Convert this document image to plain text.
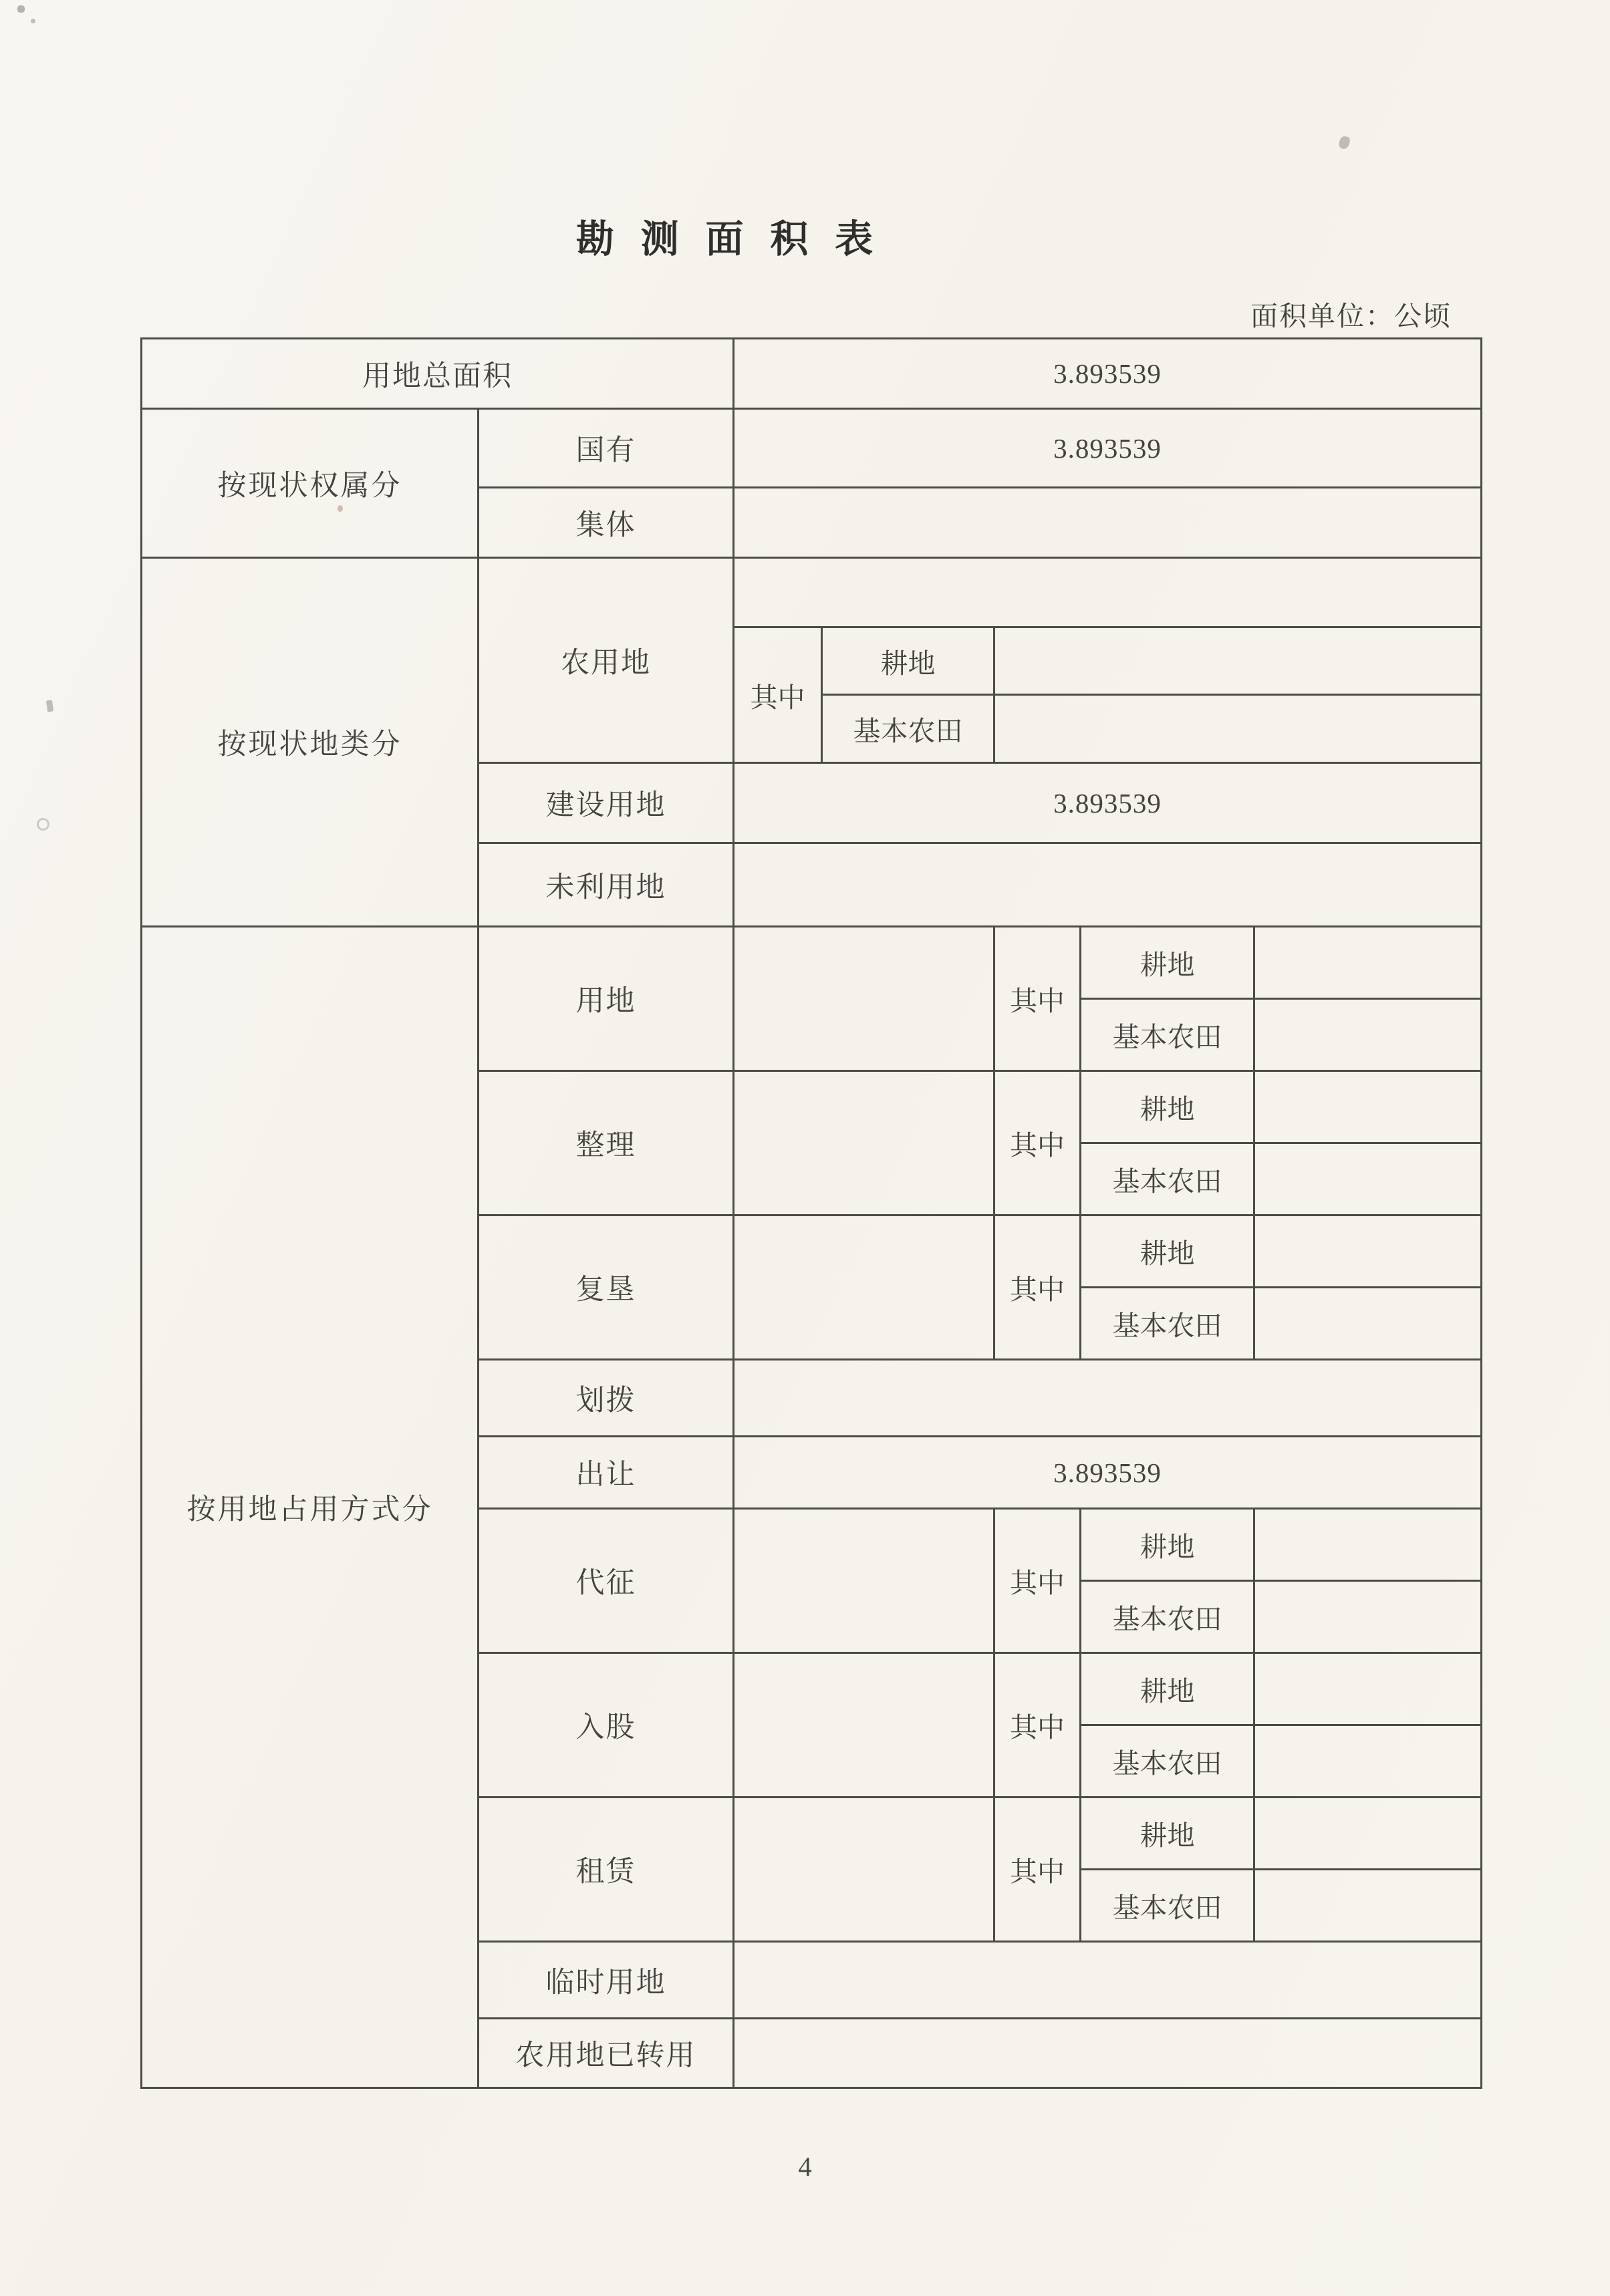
勘 测 面 积 表
面积单位：公顷
用地总面积		3.893539				
按现状权属分	国有	3.893539				
	集体					
按现状地类分	农用地					
		其中	耕地			
			基本农田			
	建设用地	3.893539				
	未利用地					
按用地占用方式分	用地			其中	耕地	
					基本农田	
	整理			其中	耕地	
					基本农田	
	复垦			其中	耕地	
					基本农田	
	划拨					
	出让	3.893539				
	代征			其中	耕地	
					基本农田	
	入股			其中	耕地	
					基本农田	
	租赁			其中	耕地	
					基本农田	
	临时用地					
	农用地已转用					
4
